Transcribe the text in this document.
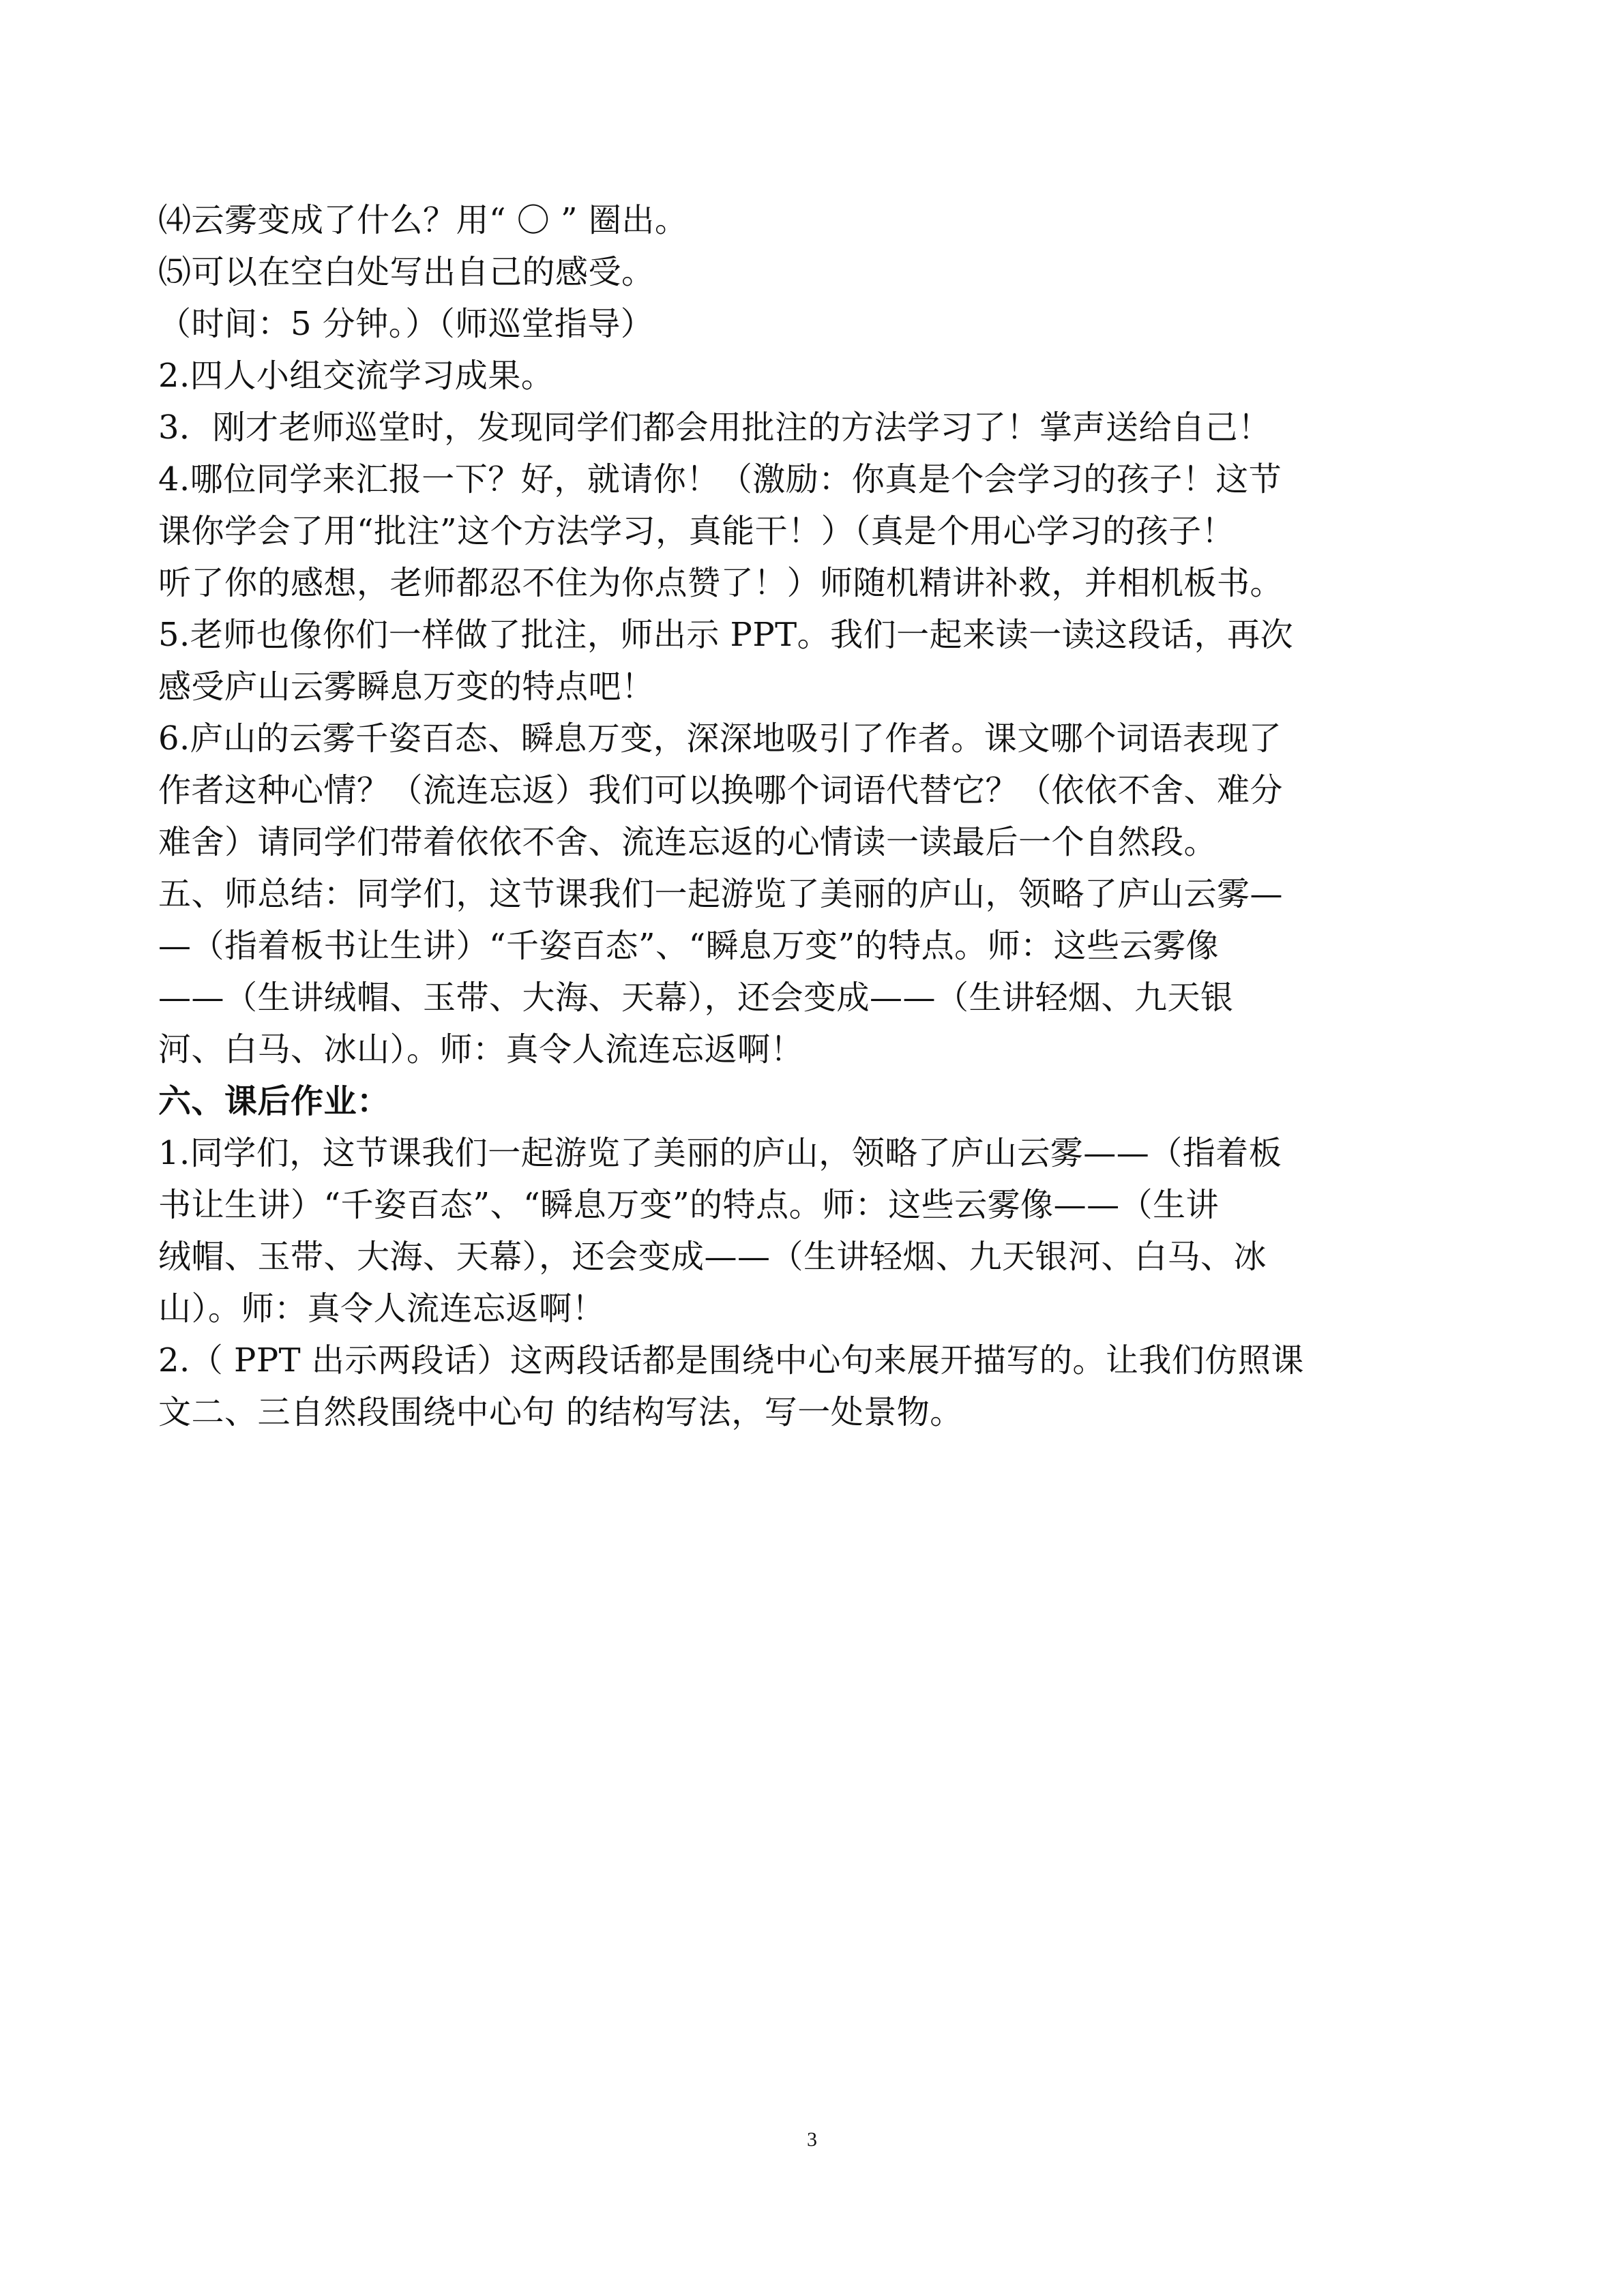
⑷云雾变成了什么？用“ 〇 ” 圈出。
⑸可以在空白处写出自己的感受。
（时间：5 分钟。）（师巡堂指导）
2.四人小组交流学习成果。
3．刚才老师巡堂时，发现同学们都会用批注的方法学习了！掌声送给自己！
4.哪位同学来汇报一下？好，就请你！（激励：你真是个会学习的孩子！这节
课你学会了用“批注”这个方法学习，真能干！）（真是个用心学习的孩子！
听了你的感想，老师都忍不住为你点赞了！）师随机精讲补救，并相机板书。
5.老师也像你们一样做了批注，师出示 PPT。我们一起来读一读这段话，再次
感受庐山云雾瞬息万变的特点吧！
6.庐山的云雾千姿百态、瞬息万变，深深地吸引了作者。课文哪个词语表现了
作者这种心情？（流连忘返）我们可以换哪个词语代替它？（依依不舍、难分
难舍）请同学们带着依依不舍、流连忘返的心情读一读最后一个自然段。
五、师总结：同学们，这节课我们一起游览了美丽的庐山，领略了庐山云雾—
—（指着板书让生讲）“千姿百态”、“瞬息万变”的特点。师：这些云雾像
——（生讲绒帽、玉带、大海、天幕），还会变成——（生讲轻烟、九天银
河、白马、冰山）。师：真令人流连忘返啊！
六、课后作业：
1.同学们，这节课我们一起游览了美丽的庐山，领略了庐山云雾——（指着板
书让生讲）“千姿百态”、“瞬息万变”的特点。师：这些云雾像——（生讲
绒帽、玉带、大海、天幕），还会变成——（生讲轻烟、九天银河、白马、冰
山）。师：真令人流连忘返啊！
2.（ PPT 出示两段话）这两段话都是围绕中心句来展开描写的。让我们仿照课
文二、三自然段围绕中心句 的结构写法，写一处景物。
3
